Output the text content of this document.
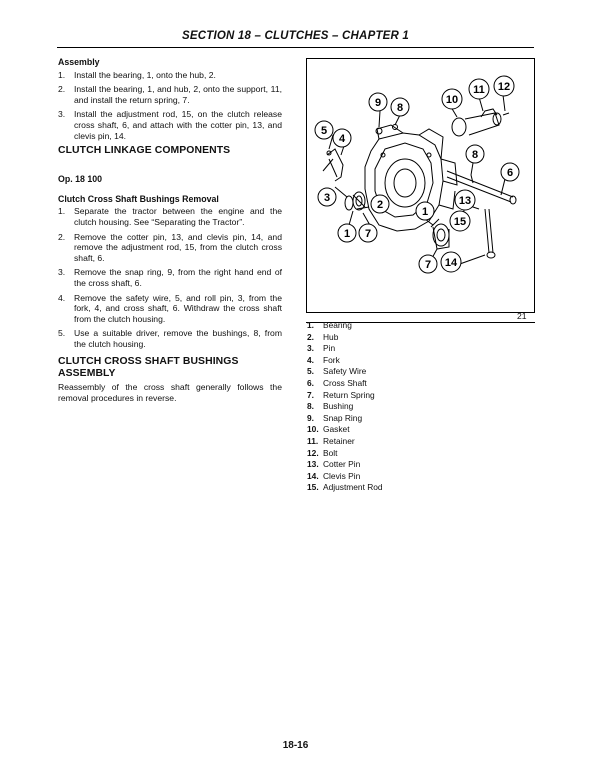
SECTION 18 – CLUTCHES – CHAPTER 1

Assembly

1. Install the bearing, 1, onto the hub, 2.
2. Install the bearing, 1, and hub, 2, onto the support, 11, and install the return spring, 7.
3. Install the adjustment rod, 15, on the clutch release cross shaft, 6, and attach with the cotter pin, 13, and clevis pin, 14.

CLUTCH LINKAGE COMPONENTS

Op. 18 100

Clutch Cross Shaft Bushings Removal

1. Separate the tractor between the engine and the clutch housing. See “Separating the Tractor”.
2. Remove the cotter pin, 13, and clevis pin, 14, and remove the adjustment rod, 15, from the clutch cross shaft, 6.
3. Remove the snap ring, 9, from the right hand end of the cross shaft, 6.
4. Remove the safety wire, 5, and roll pin, 3, from the fork, 4, and cross shaft, 6. Withdraw the cross shaft from the clutch housing.
5. Use a suitable driver, remove the bushings, 8, from the clutch housing.

CLUTCH CROSS SHAFT BUSHINGS ASSEMBLY

Reassembly of the cross shaft generally follows the removal procedures in reverse.

9 8
10
11 12
5
4
8
6
3
2
1
13
15
1 7
7 14
21
1. Bearing
2. Hub
3. Pin
4. Fork
5. Safety Wire
6. Cross Shaft
7. Return Spring
8. Bushing
9. Snap Ring
10. Gasket
11. Retainer
12. Bolt
13. Cotter Pin
14. Clevis Pin
15. Adjustment Rod
18-16
